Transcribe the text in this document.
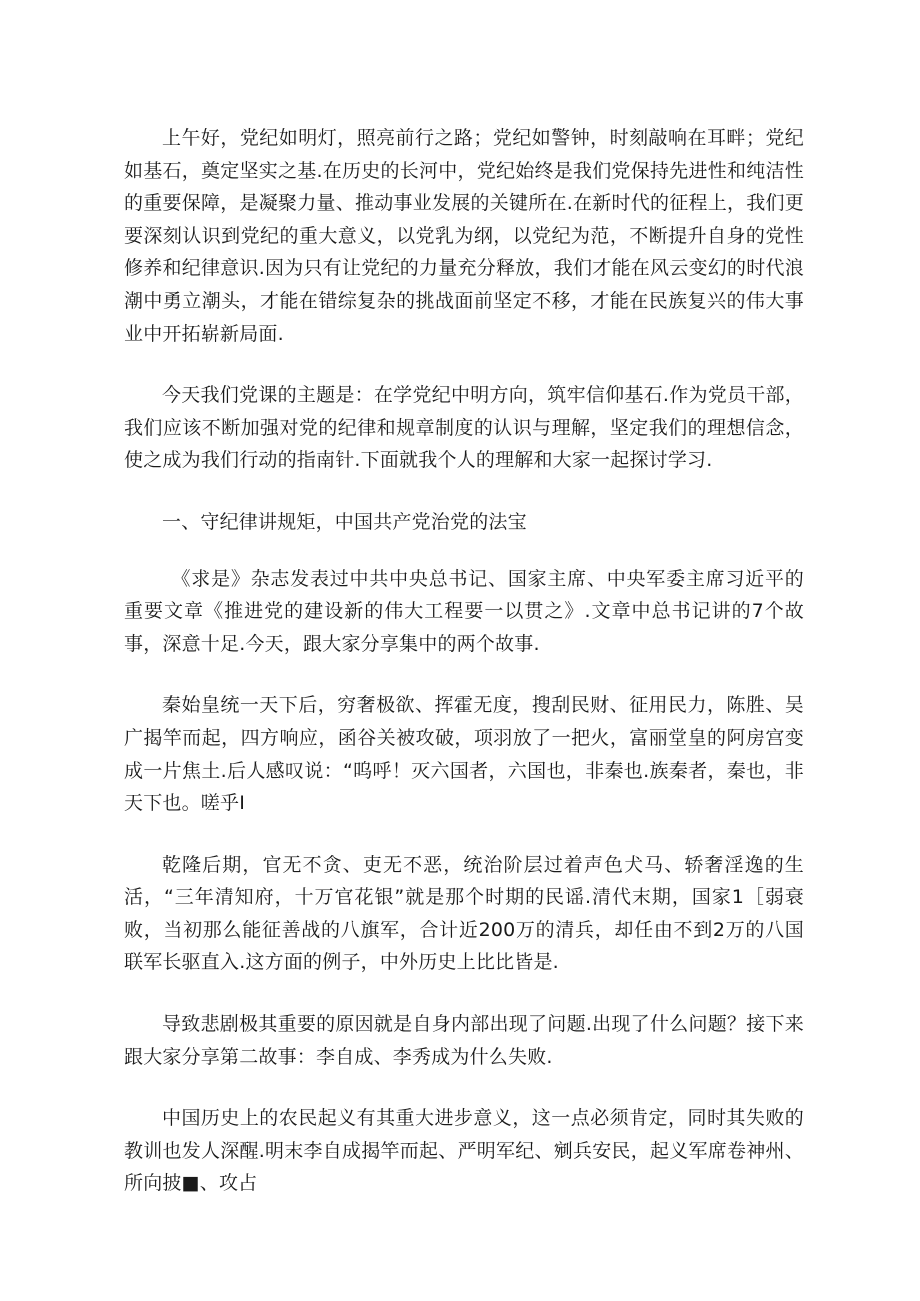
上午好，党纪如明灯，照亮前行之路；党纪如警钟，时刻敲响在耳畔；党纪如基石，奠定坚实之基.在历史的长河中，党纪始终是我们党保持先进性和纯洁性的重要保障，是凝聚力量、推动事业发展的关键所在.在新时代的征程上，我们更要深刻认识到党纪的重大意义，以党乳为纲，以党纪为范，不断提升自身的党性修养和纪律意识.因为只有让党纪的力量充分释放，我们才能在风云变幻的时代浪潮中勇立潮头，才能在错综复杂的挑战面前坚定不移，才能在民族复兴的伟大事业中开拓崭新局面.

今天我们党课的主题是：在学党纪中明方向，筑牢信仰基石.作为党员干部，我们应该不断加强对党的纪律和规章制度的认识与理解，坚定我们的理想信念，使之成为我们行动的指南针.下面就我个人的理解和大家一起探讨学习.

一、守纪律讲规矩，中国共产党治党的法宝

《求是》杂志发表过中共中央总书记、国家主席、中央军委主席习近平的重要文章《推进党的建设新的伟大工程要一以贯之》.文章中总书记讲的7个故事，深意十足.今天，跟大家分享集中的两个故事.

秦始皇统一天下后，穷奢极欲、挥霍无度，搜刮民财、征用民力，陈胜、吴广揭竿而起，四方响应，函谷关被攻破，项羽放了一把火，富丽堂皇的阿房宫变成一片焦土.后人感叹说：“呜呼！灭六国者，六国也，非秦也.族秦者，秦也，非天下也。嗟乎I

乾隆后期，官无不贪、吏无不恶，统治阶层过着声色犬马、轿奢淫逸的生活，“三年清知府，十万官花银”就是那个时期的民谣.清代末期，国家1［弱衰败，当初那么能征善战的八旗军，合计近200万的清兵，却任由不到2万的八国联军长驱直入.这方面的例子，中外历史上比比皆是.

导致悲剧极其重要的原因就是自身内部出现了问题.出现了什么问题？接下来跟大家分享第二故事：李自成、李秀成为什么失败.

中国历史上的农民起义有其重大进步意义，这一点必须肯定，同时其失败的教训也发人深醒.明末李自成揭竿而起、严明军纪、剜兵安民，起义军席卷神州、所向披■、攻占
